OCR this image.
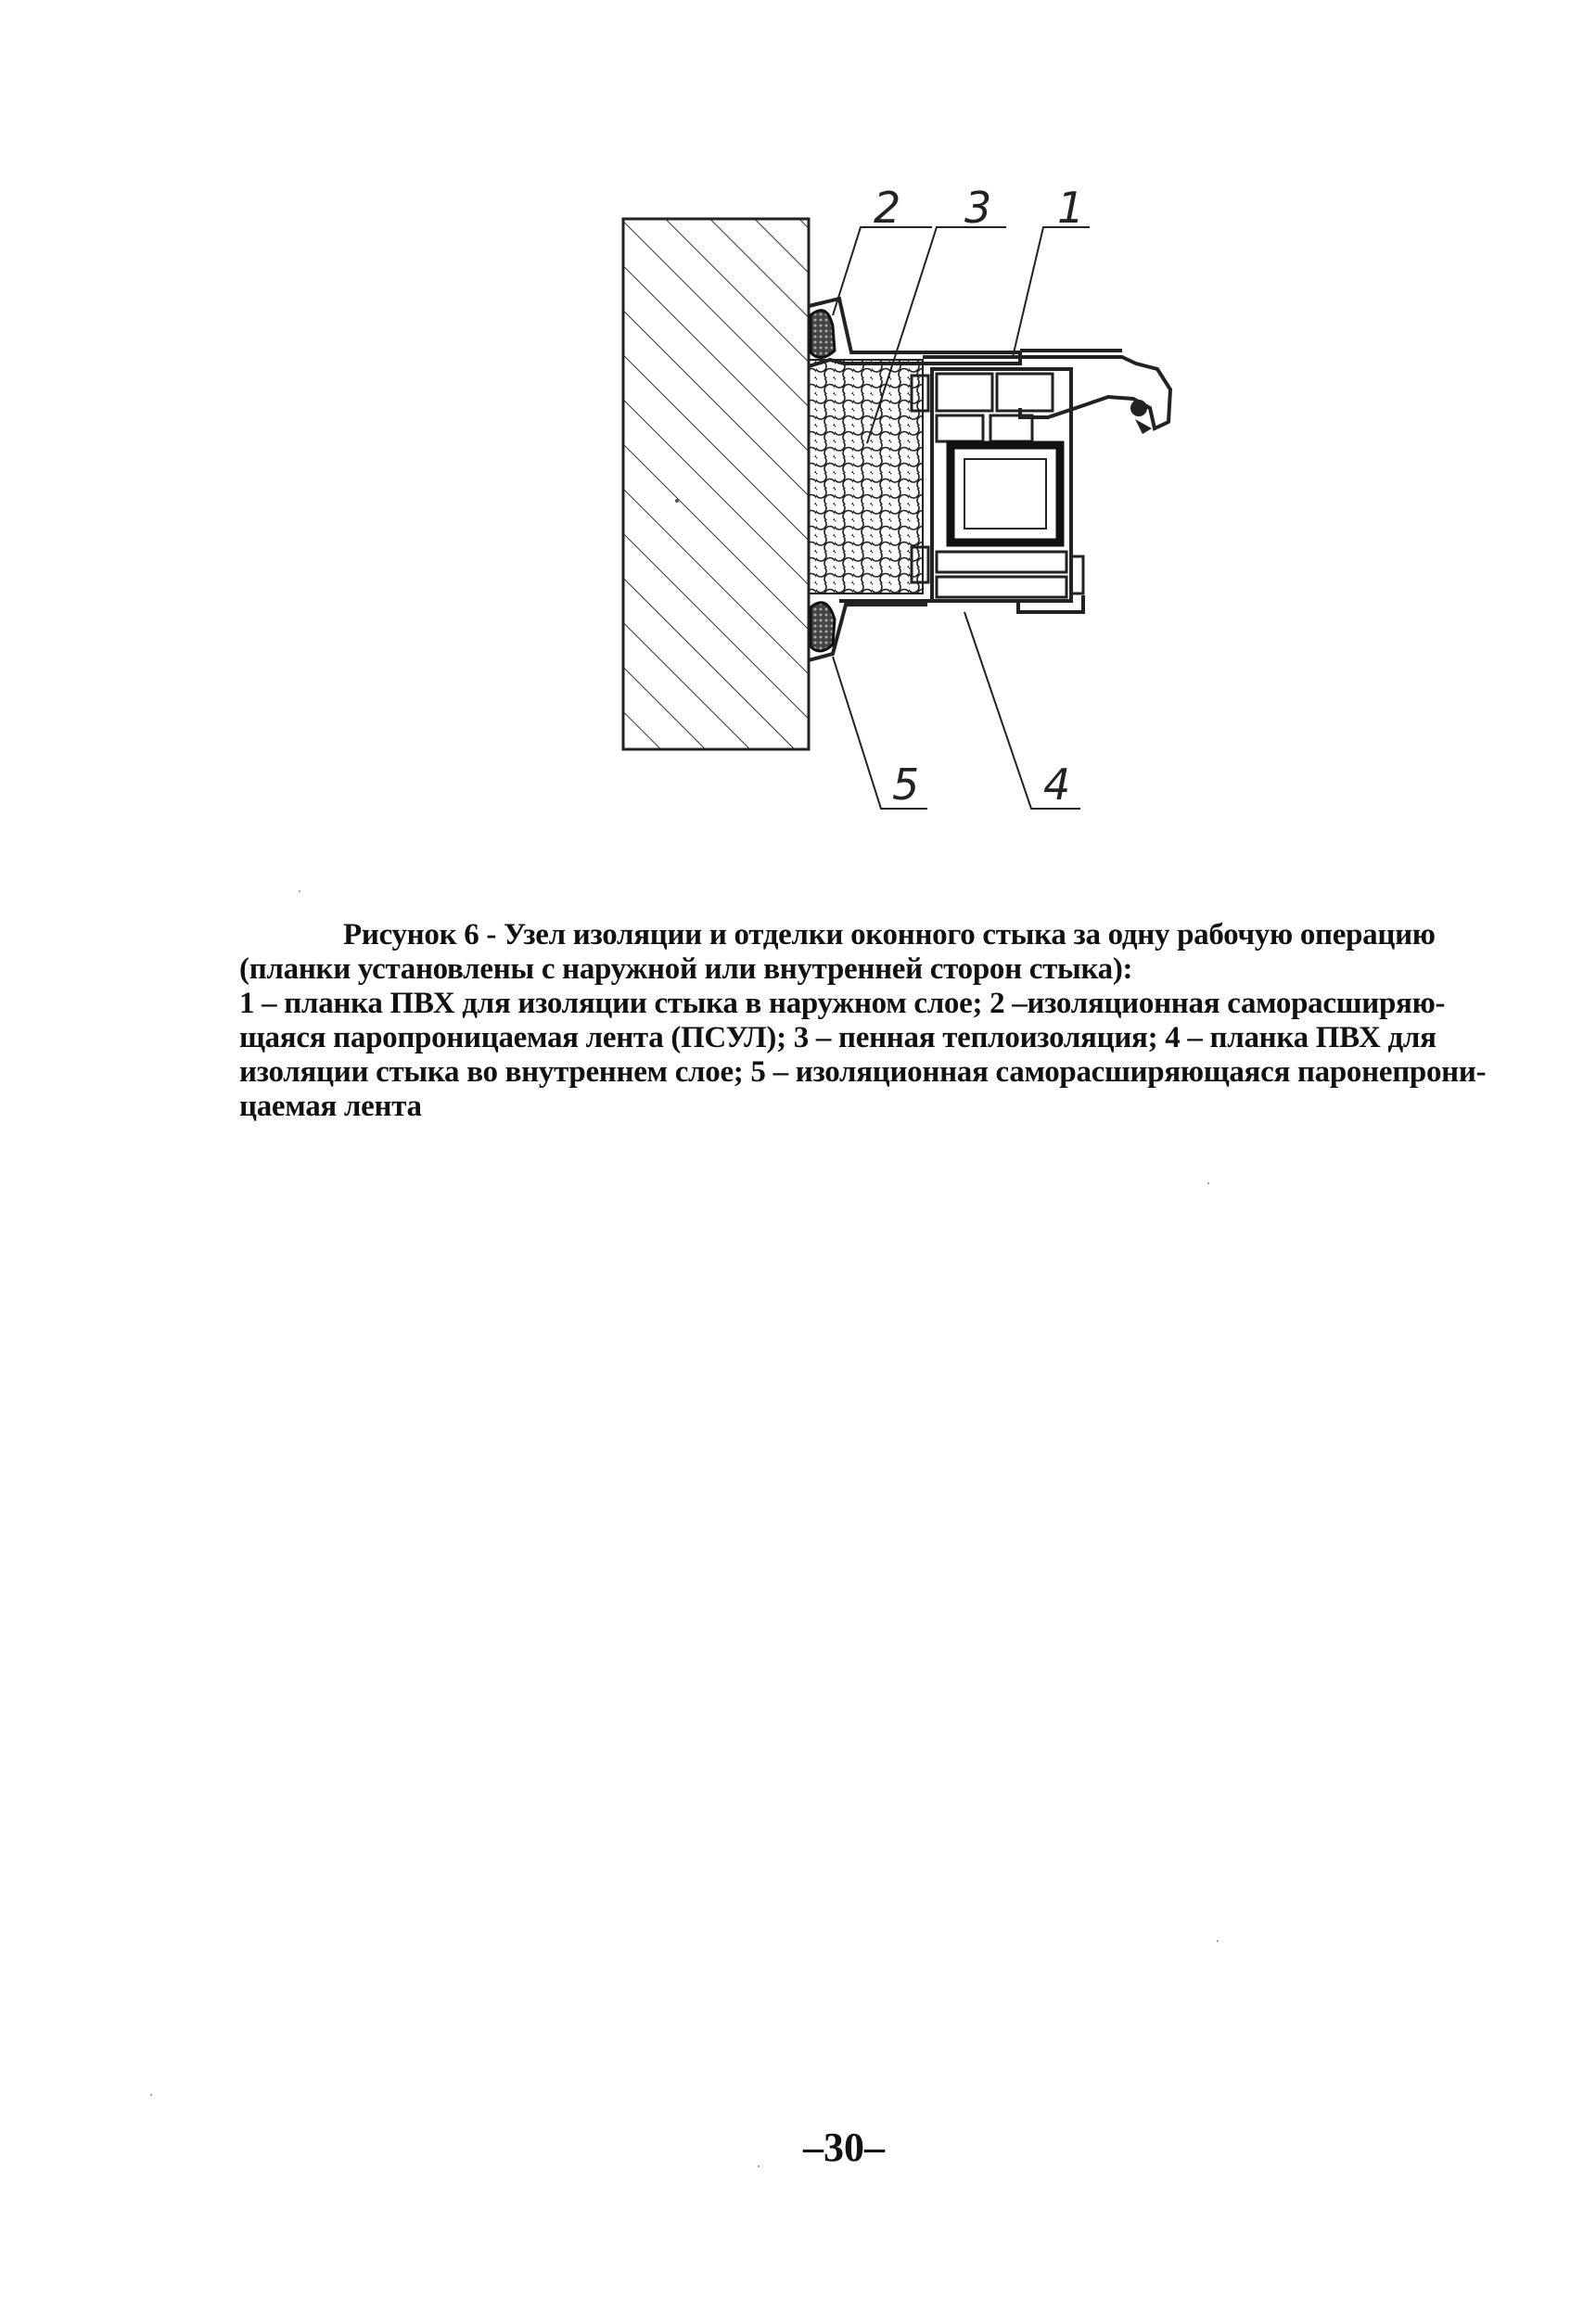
2 3 1
5	4
Рисунок 6 - Узел изоляции и отделки оконного стыка за одну рабочую операцию
(планки установлены с наружной или внутренней сторон стыка):
1 – планка ПВХ для изоляции стыка в наружном слое; 2 –изоляционная саморасширяю-
щаяся паропроницаемая лента (ПСУЛ); 3 – пенная теплоизоляция; 4 – планка ПВХ для
изоляции стыка во внутреннем слое; 5 – изоляционная саморасширяющаяся паронепрони-
цаемая лента
–30–
